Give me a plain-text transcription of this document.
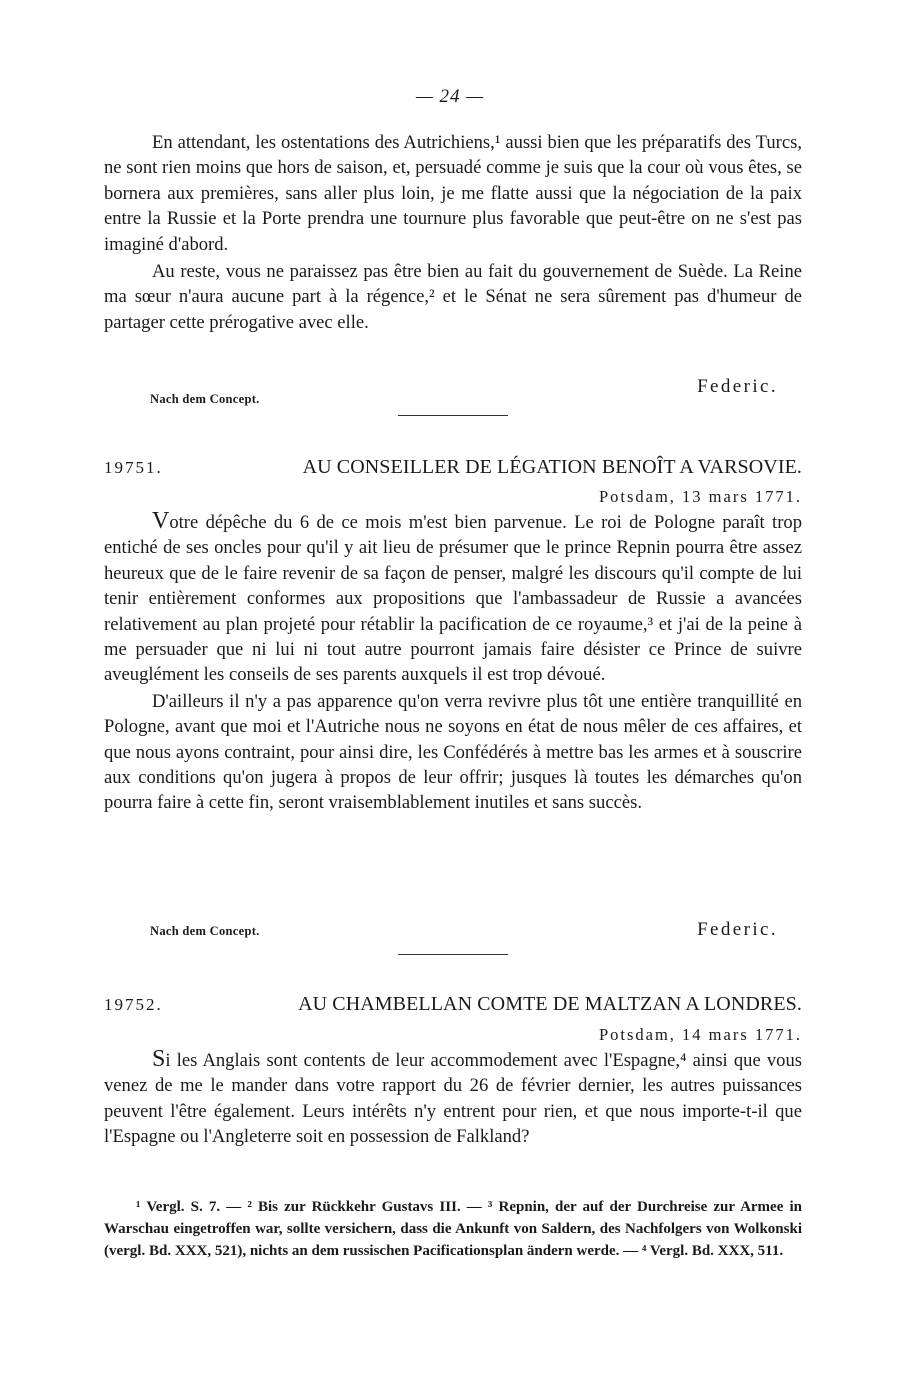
— 24 —

En attendant, les ostentations des Autrichiens,¹ aussi bien que les préparatifs des Turcs, ne sont rien moins que hors de saison, et, persuadé comme je suis que la cour où vous êtes, se bornera aux premières, sans aller plus loin, je me flatte aussi que la négociation de la paix entre la Russie et la Porte prendra une tournure plus favorable que peut-être on ne s'est pas imaginé d'abord.

Au reste, vous ne paraissez pas être bien au fait du gouvernement de Suède. La Reine ma sœur n'aura aucune part à la régence,² et le Sénat ne sera sûrement pas d'humeur de partager cette prérogative avec elle.

Federic.
Nach dem Concept.
19751.	AU CONSEILLER DE LÉGATION BENOÎT A VARSOVIE.
Potsdam, 13 mars 1771.

Votre dépêche du 6 de ce mois m'est bien parvenue. Le roi de Pologne paraît trop entiché de ses oncles pour qu'il y ait lieu de présumer que le prince Repnin pourra être assez heureux que de le faire revenir de sa façon de penser, malgré les discours qu'il compte de lui tenir entièrement conformes aux propositions que l'ambassadeur de Russie a avancées relativement au plan projeté pour rétablir la pacification de ce royaume,³ et j'ai de la peine à me persuader que ni lui ni tout autre pourront jamais faire désister ce Prince de suivre aveuglément les conseils de ses parents auxquels il est trop dévoué.

D'ailleurs il n'y a pas apparence qu'on verra revivre plus tôt une entière tranquillité en Pologne, avant que moi et l'Autriche nous ne soyons en état de nous mêler de ces affaires, et que nous ayons contraint, pour ainsi dire, les Confédérés à mettre bas les armes et à souscrire aux conditions qu'on jugera à propos de leur offrir; jusques là toutes les démarches qu'on pourra faire à cette fin, seront vraisemblablement inutiles et sans succès.

Nach dem Concept.	Federic.
19752.	AU CHAMBELLAN COMTE DE MALTZAN A LONDRES.
Potsdam, 14 mars 1771.

Si les Anglais sont contents de leur accommodement avec l'Espagne,⁴ ainsi que vous venez de me le mander dans votre rapport du 26 de février dernier, les autres puissances peuvent l'être également. Leurs intérêts n'y entrent pour rien, et que nous importe-t-il que l'Espagne ou l'Angleterre soit en possession de Falkland?

¹ Vergl. S. 7. — ² Bis zur Rückkehr Gustavs III. — ³ Repnin, der auf der Durchreise zur Armee in Warschau eingetroffen war, sollte versichern, dass die Ankunft von Saldern, des Nachfolgers von Wolkonski (vergl. Bd. XXX, 521), nichts an dem russischen Pacificationsplan ändern werde. — ⁴ Vergl. Bd. XXX, 511.
